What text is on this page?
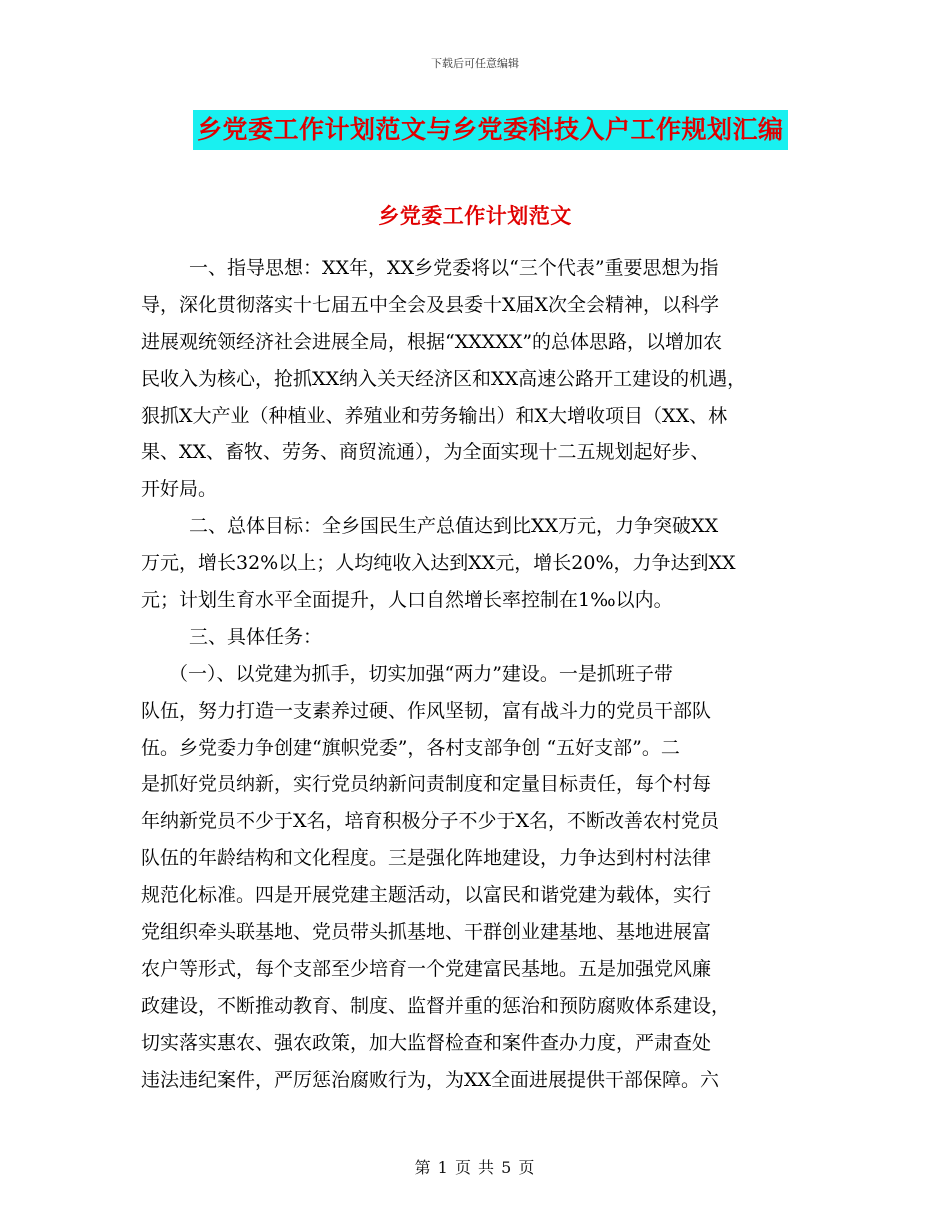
下载后可任意编辑
乡党委工作计划范文与乡党委科技入户工作规划汇编
乡党委工作计划范文
一、指导思想：XX年，XX乡党委将以“三个代表”重要思想为指
导，深化贯彻落实十七届五中全会及县委十X届X次全会精神，以科学
进展观统领经济社会进展全局，根据“XXXXX”的总体思路，以增加农
民收入为核心，抢抓XX纳入关天经济区和XX高速公路开工建设的机遇，
狠抓X大产业（种植业、养殖业和劳务输出）和X大增收项目（XX、林
果、XX、畜牧、劳务、商贸流通），为全面实现十二五规划起好步、
开好局。
二、总体目标：全乡国民生产总值达到比XX万元，力争突破XX
万元，增长32%以上；人均纯收入达到XX元，增长20%，力争达到XX
元；计划生育水平全面提升，人口自然增长率控制在1‰以内。
三、具体任务：
（一）、以党建为抓手，切实加强“两力”建设。一是抓班子带
队伍，努力打造一支素养过硬、作风坚韧，富有战斗力的党员干部队
伍。乡党委力争创建“旗帜党委”，各村支部争创 “五好支部”。二
是抓好党员纳新，实行党员纳新问责制度和定量目标责任，每个村每
年纳新党员不少于X名，培育积极分子不少于X名，不断改善农村党员
队伍的年龄结构和文化程度。三是强化阵地建设，力争达到村村法律
规范化标准。四是开展党建主题活动，以富民和谐党建为载体，实行
党组织牵头联基地、党员带头抓基地、干群创业建基地、基地进展富
农户等形式，每个支部至少培育一个党建富民基地。五是加强党风廉
政建设，不断推动教育、制度、监督并重的惩治和预防腐败体系建设，
切实落实惠农、强农政策，加大监督检查和案件查办力度，严肃查处
违法违纪案件，严厉惩治腐败行为，为XX全面进展提供干部保障。六
第 1 页 共 5 页
